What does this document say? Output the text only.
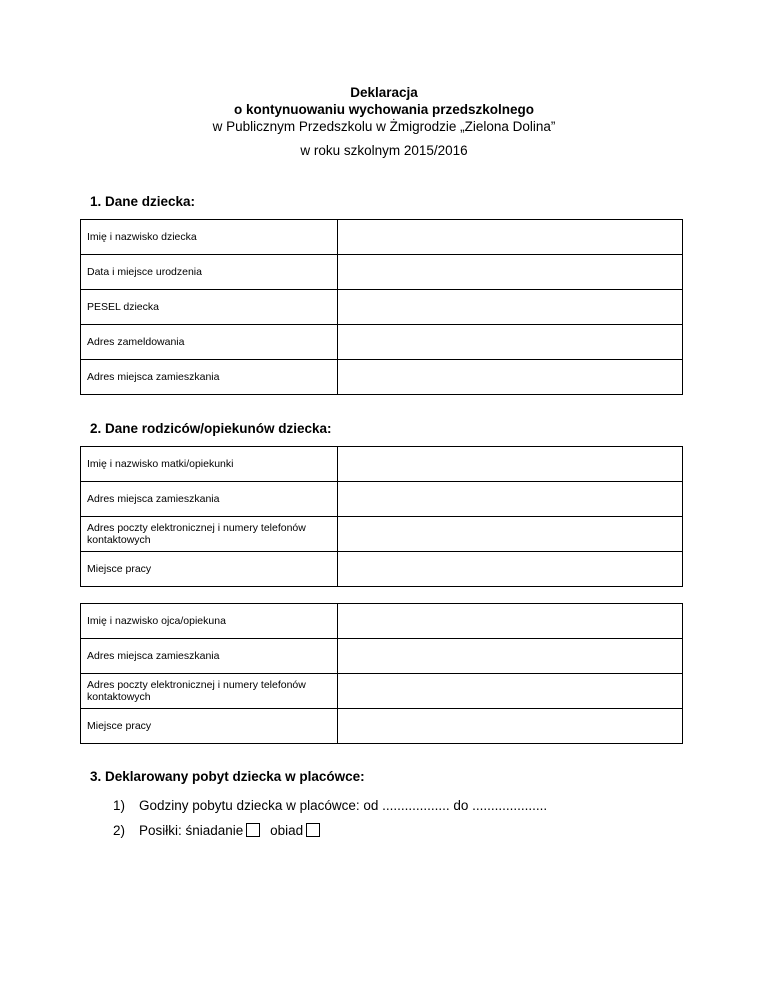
Deklaracja
o kontynuowaniu wychowania przedszkolnego
w Publicznym Przedszkolu w Żmigrodzie „Zielona Dolina”
w roku szkolnym 2015/2016
1. Dane dziecka:
Imię i nazwisko dziecka	
Data i miejsce urodzenia	
PESEL dziecka	
Adres zameldowania	
Adres miejsca zamieszkania	
2. Dane rodziców/opiekunów dziecka:
Imię i nazwisko matki/opiekunki	
Adres miejsca zamieszkania	
Adres poczty elektronicznej i numery telefonów kontaktowych	
Miejsce pracy	
Imię i nazwisko ojca/opiekuna	
Adres miejsca zamieszkania	
Adres poczty elektronicznej i numery telefonów kontaktowych	
Miejsce pracy	
3. Deklarowany pobyt dziecka w placówce:
1) Godziny pobytu dziecka w placówce: od .................. do ....................
2) Posiłki: śniadanie obiad
